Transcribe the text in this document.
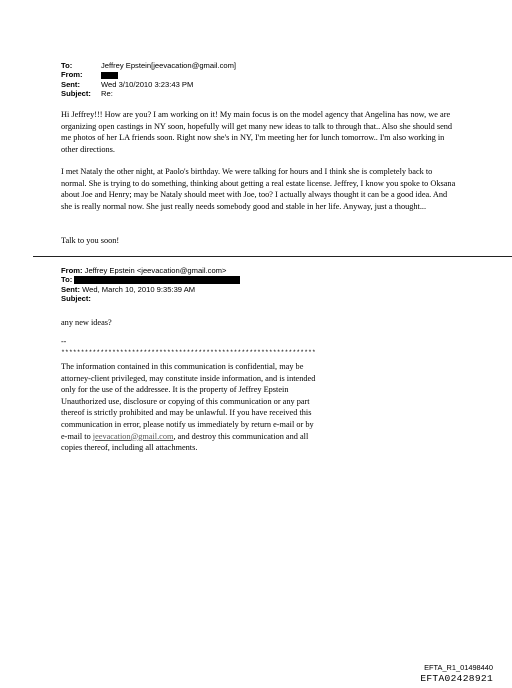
To:	Jeffrey Epstein[jeevacation@gmail.com]
From:
Sent:	Wed 3/10/2010 3:23:43 PM
Subject: Re:
Hi Jeffrey!!! How are you? I am working on it! My main focus is on the model agency that Angelina has now, we are organizing open castings in NY soon, hopefully will get many new ideas to talk to through that.. Also she should send me photos of her LA friends soon. Right now she's in NY, I'm meeting her for lunch tomorrow.. I'm also working in other directions.
I met Nataly the other night, at Paolo's birthday. We were talking for hours and I think she is completely back to normal. She is trying to do something, thinking about getting a real estate license. Jeffrey, I know you spoke to Oksana about Joe and Henry; may be Nataly should meet with Joe, too? I actually always thought it can be a good idea. And she is really normal now. She just really needs somebody good and stable in her life. Anyway, just a thought...
Talk to you soon!
From: Jeffrey Epstein <jeevacation@gmail.com>
To:
Sent: Wed, March 10, 2010 9:35:39 AM
Subject:
any new ideas?
--
*****************************************************************
The information contained in this communication is confidential, may be attorney-client privileged, may constitute inside information, and is intended only for the use of the addressee. It is the property of Jeffrey Epstein Unauthorized use, disclosure or copying of this communication or any part thereof is strictly prohibited and may be unlawful. If you have received this communication in error, please notify us immediately by return e-mail or by e-mail to jeevacation@gmail.com, and destroy this communication and all copies thereof, including all attachments.
EFTA_R1_01498440
EFTA02428921
